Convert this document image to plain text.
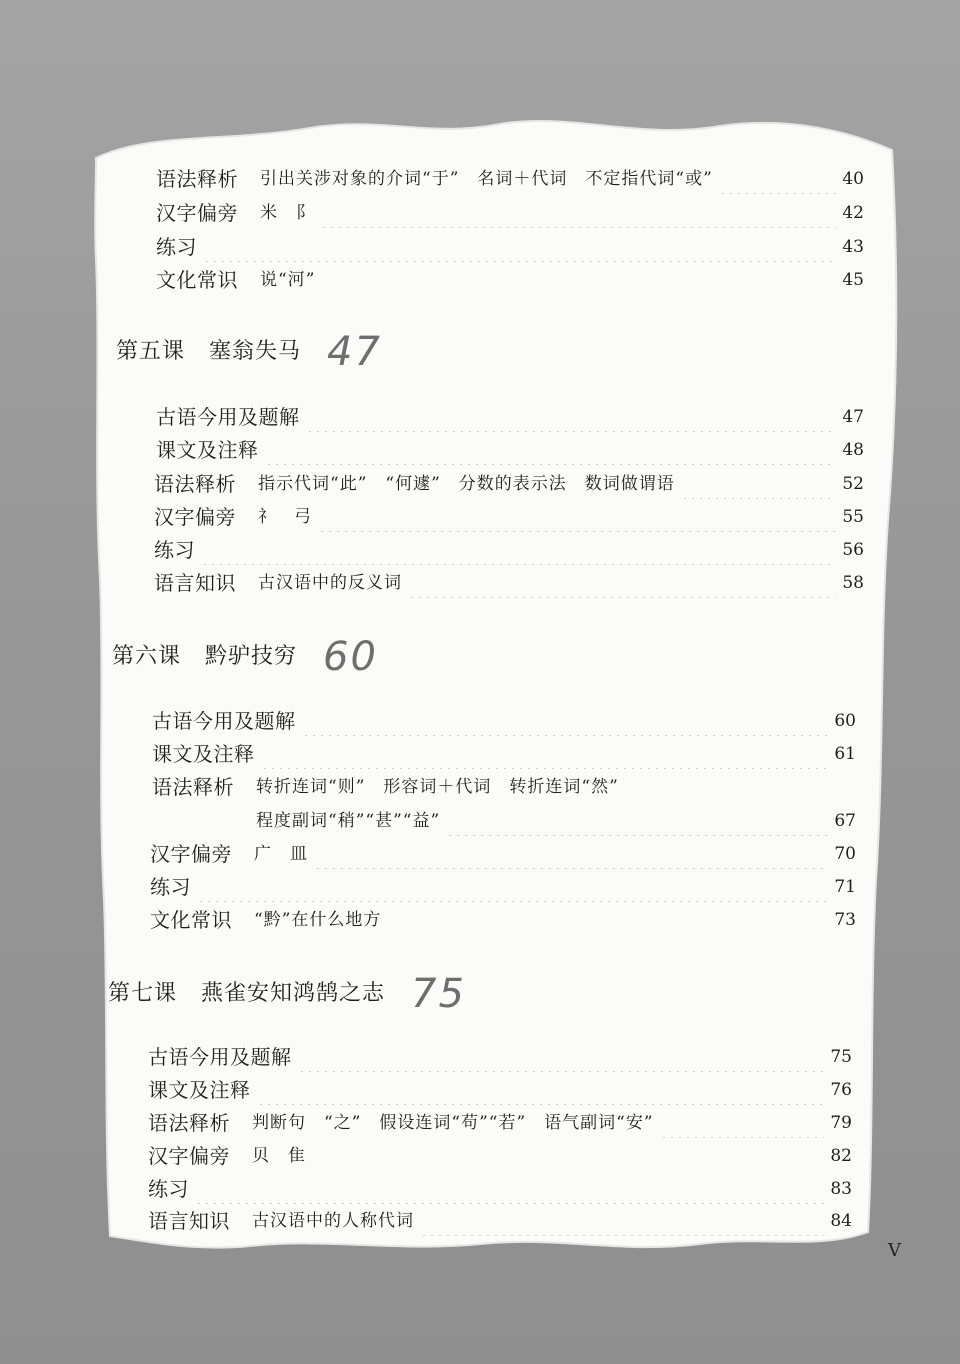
语法释析 引出关涉对象的介词“于”　名词＋代词　不定指代词“或”	40
汉字偏旁 米　阝	42
练习	43
文化常识 说“河”	45
第五课 塞翁失马 47
古语今用及题解	47
课文及注释	48
语法释析 指示代词“此”　“何遽”　分数的表示法　数词做谓语	52
汉字偏旁 礻　弓	55
练习	56
语言知识 古汉语中的反义词	58
第六课 黔驴技穷 60
古语今用及题解	60
课文及注释	61
语法释析 转折连词“则”　形容词＋代词　转折连词“然”
程度副词“稍”“甚”“益”	67
汉字偏旁 广　皿	70
练习	71
文化常识 “黔”在什么地方	73
第七课 燕雀安知鸿鹄之志 75
古语今用及题解	75
课文及注释	76
语法释析 判断句　“之”　假设连词“苟”“若”　语气副词“安”	79
汉字偏旁 贝　隹	82
练习	83
语言知识 古汉语中的人称代词	84
V
